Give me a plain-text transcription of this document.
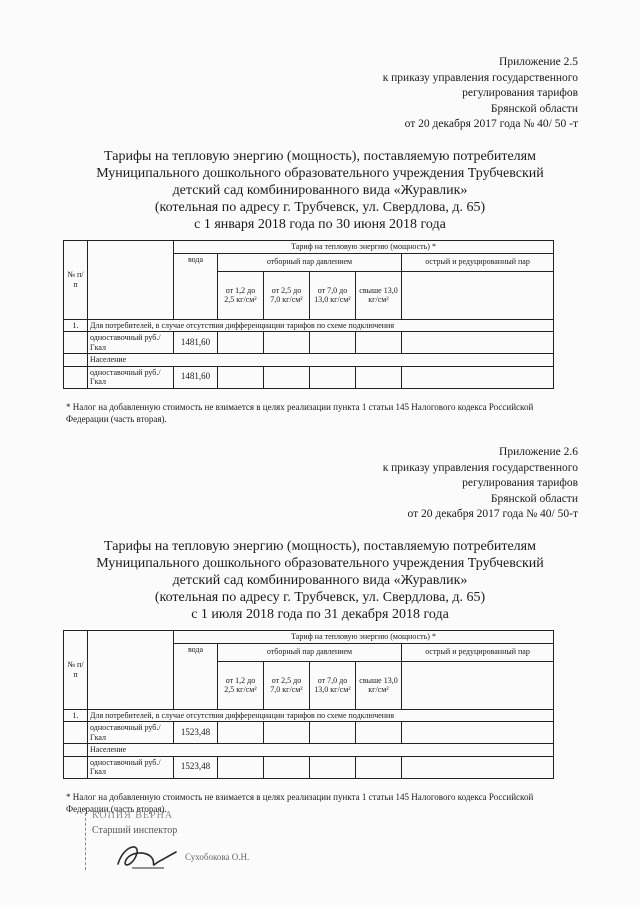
Приложение 2.5
к приказу управления государственного
регулирования тарифов
Брянской области
от 20 декабря 2017 года № 40/ 50 -т
Тарифы на тепловую энергию (мощность), поставляемую потребителям
Муниципального дошкольного образовательного учреждения Трубчевский
детский сад комбинированного вида «Журавлик»
(котельная по адресу г. Трубчевск, ул. Свердлова, д. 65)
с 1 января 2018 года по 30 июня 2018 года
№ п/п		Тариф на тепловую энергию (мощность) *					
		вода	отборный пар давлением				острый и редуцированный пар
			от 1,2 до 2,5 кг/см²	от 2,5 до 7,0 кг/см²	от 7,0 до 13,0 кг/см²	свыше 13,0 кг/см²	
1.	Для потребителей, в случае отсутствия дифференциации тарифов по схеме подключения						
	одноставочный руб./Гкал	1481,60					
	Население						
	одноставочный руб./Гкал	1481,60					
* Налог на добавленную стоимость не взимается в целях реализации пункта 1 статьи 145 Налогового кодекса Российской Федерации (часть вторая).
Приложение 2.6
к приказу управления государственного
регулирования тарифов
Брянской области
от 20 декабря 2017 года № 40/ 50-т
Тарифы на тепловую энергию (мощность), поставляемую потребителям
Муниципального дошкольного образовательного учреждения Трубчевский
детский сад комбинированного вида «Журавлик»
(котельная по адресу г. Трубчевск, ул. Свердлова, д. 65)
с 1 июля 2018 года по 31 декабря 2018 года
№ п/п		Тариф на тепловую энергию (мощность) *					
		вода	отборный пар давлением				острый и редуцированный пар
			от 1,2 до 2,5 кг/см²	от 2,5 до 7,0 кг/см²	от 7,0 до 13,0 кг/см²	свыше 13,0 кг/см²	
1.	Для потребителей, в случае отсутствия дифференциации тарифов по схеме подключения						
	одноставочный руб./Гкал	1523,48					
	Население						
	одноставочный руб./Гкал	1523,48					
* Налог на добавленную стоимость не взимается в целях реализации пункта 1 статьи 145 Налогового кодекса Российской Федерации (часть вторая).
КОПИЯ ВЕРНА
Старший инспектор
Сухобокова О.Н.
